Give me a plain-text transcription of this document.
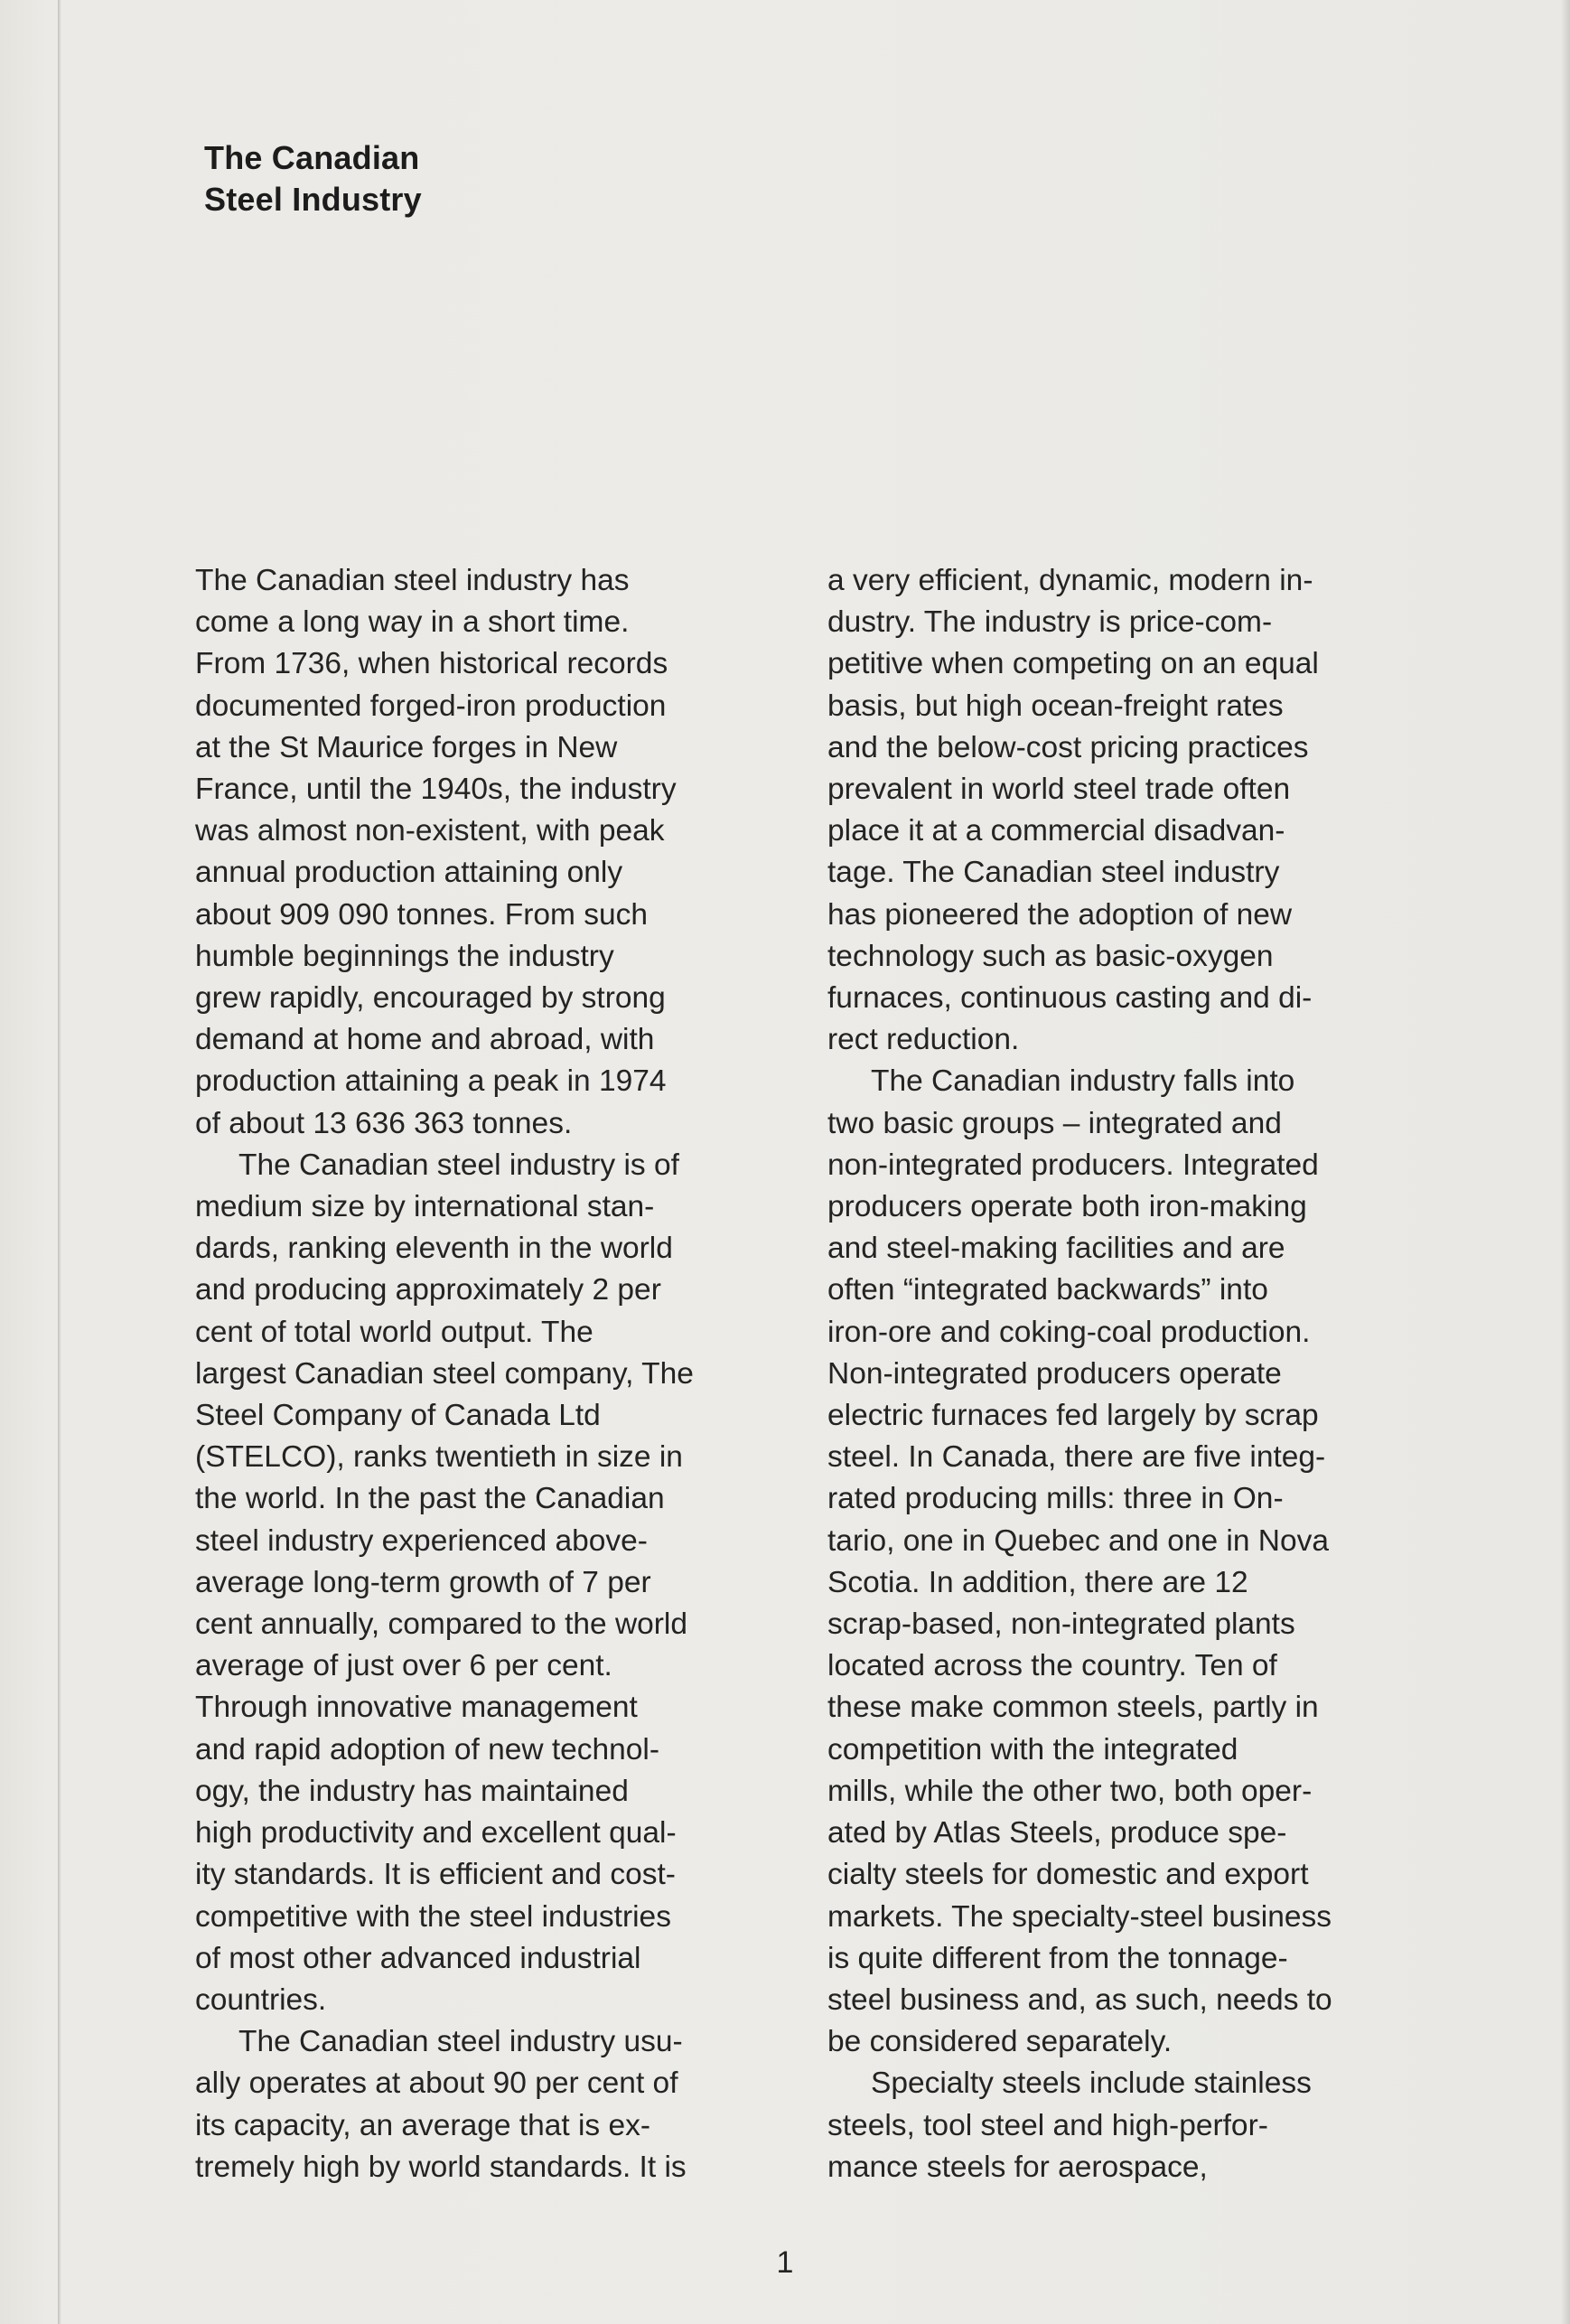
The Canadian
Steel Industry

The Canadian steel industry has
come a long way in a short time.
From 1736, when historical records
documented forged-iron production
at the St Maurice forges in New
France, until the 1940s, the industry
was almost non-existent, with peak
annual production attaining only
about 909 090 tonnes. From such
humble beginnings the industry
grew rapidly, encouraged by strong
demand at home and abroad, with
production attaining a peak in 1974
of about 13 636 363 tonnes.

The Canadian steel industry is of
medium size by international stan-
dards, ranking eleventh in the world
and producing approximately 2 per
cent of total world output. The
largest Canadian steel company, The
Steel Company of Canada Ltd
(STELCO), ranks twentieth in size in
the world. In the past the Canadian
steel industry experienced above-
average long-term growth of 7 per
cent annually, compared to the world
average of just over 6 per cent.
Through innovative management
and rapid adoption of new technol-
ogy, the industry has maintained
high productivity and excellent qual-
ity standards. It is efficient and cost-
competitive with the steel industries
of most other advanced industrial
countries.

The Canadian steel industry usu-
ally operates at about 90 per cent of
its capacity, an average that is ex-
tremely high by world standards. It is

a very efficient, dynamic, modern in-
dustry. The industry is price-com-
petitive when competing on an equal
basis, but high ocean-freight rates
and the below-cost pricing practices
prevalent in world steel trade often
place it at a commercial disadvan-
tage. The Canadian steel industry
has pioneered the adoption of new
technology such as basic-oxygen
furnaces, continuous casting and di-
rect reduction.

The Canadian industry falls into
two basic groups – integrated and
non-integrated producers. Integrated
producers operate both iron-making
and steel-making facilities and are
often “integrated backwards” into
iron-ore and coking-coal production.
Non-integrated producers operate
electric furnaces fed largely by scrap
steel. In Canada, there are five integ-
rated producing mills: three in On-
tario, one in Quebec and one in Nova
Scotia. In addition, there are 12
scrap-based, non-integrated plants
located across the country. Ten of
these make common steels, partly in
competition with the integrated
mills, while the other two, both oper-
ated by Atlas Steels, produce spe-
cialty steels for domestic and export
markets. The specialty-steel business
is quite different from the tonnage-
steel business and, as such, needs to
be considered separately.

Specialty steels include stainless
steels, tool steel and high-perfor-
mance steels for aerospace,

1
